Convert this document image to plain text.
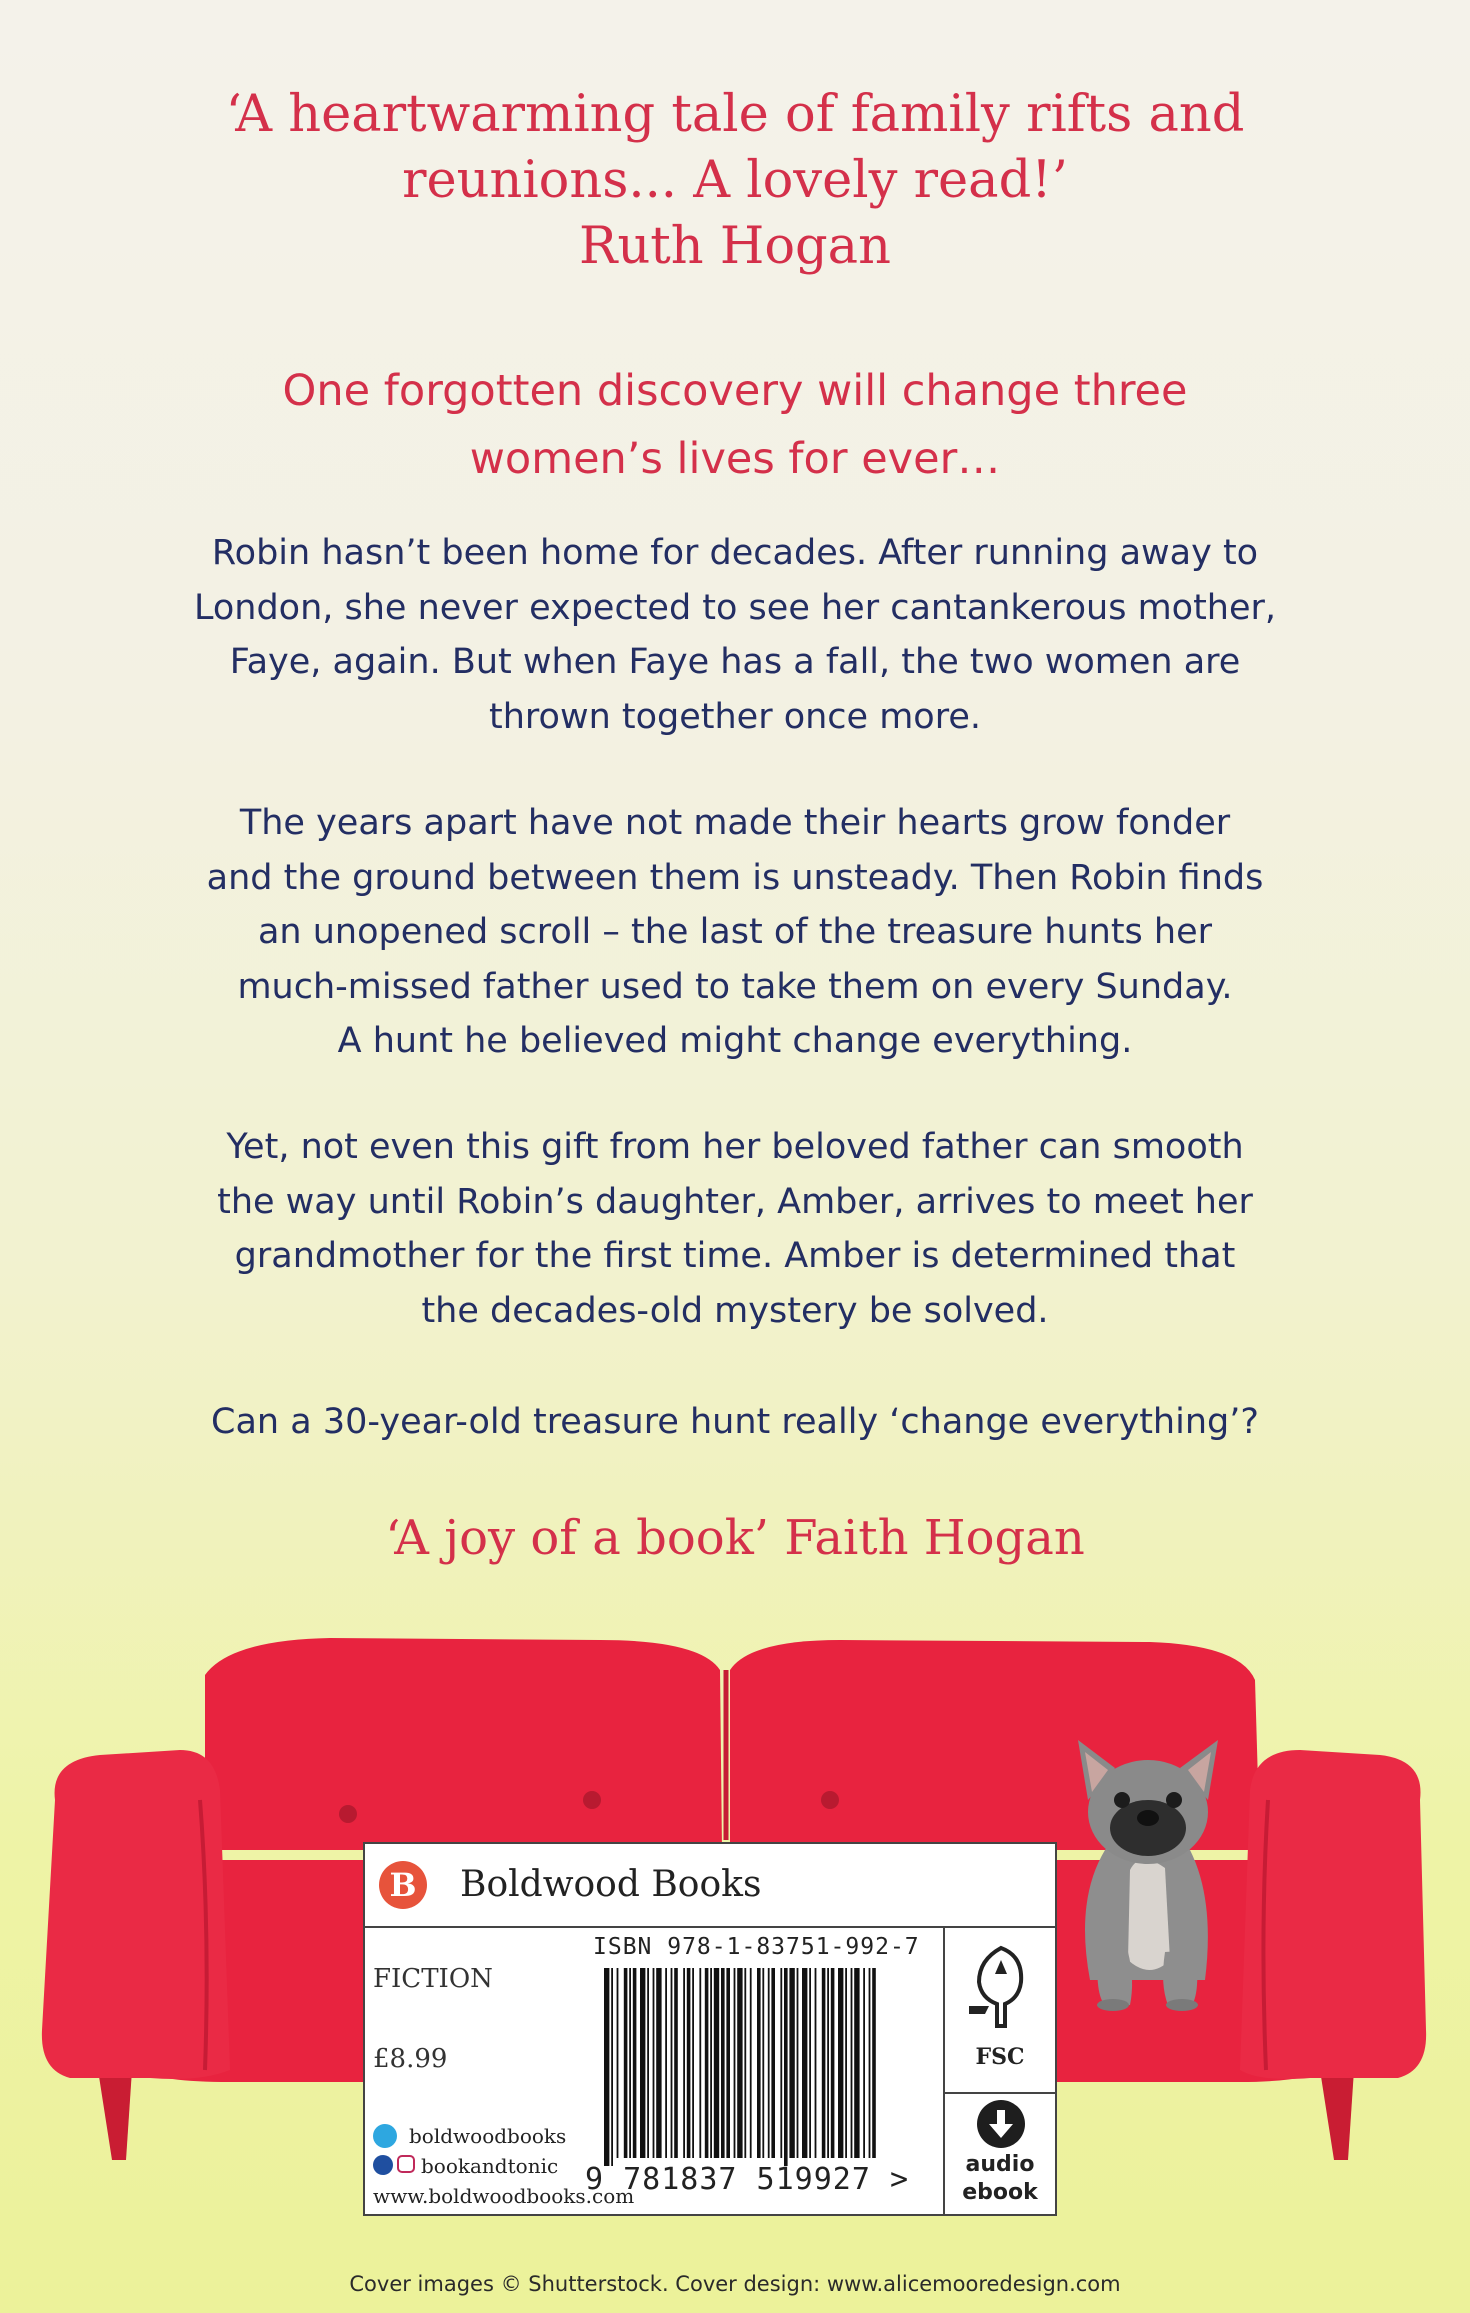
‘A heartwarming tale of family rifts and
reunions... A lovely read!’
Ruth Hogan
One forgotten discovery will change three
women’s lives for ever…
Robin hasn’t been home for decades. After running away to
London, she never expected to see her cantankerous mother,
Faye, again. But when Faye has a fall, the two women are
thrown together once more.
The years apart have not made their hearts grow fonder
and the ground between them is unsteady. Then Robin finds
an unopened scroll – the last of the treasure hunts her
much-missed father used to take them on every Sunday.
A hunt he believed might change everything.
Yet, not even this gift from her beloved father can smooth
the way until Robin’s daughter, Amber, arrives to meet her
grandmother for the first time. Amber is determined that
the decades-old mystery be solved.
Can a 30-year-old treasure hunt really ‘change everything’?
‘A joy of a book’ Faith Hogan
B Boldwood Books
ISBN 978-1-83751-992-7
FICTION
£8.99
boldwoodbooks
bookandtonic
www.boldwoodbooks.com
9 781837 519927 >
FSC
audio
ebook
Cover images © Shutterstock. Cover design: www.alicemooredesign.com
